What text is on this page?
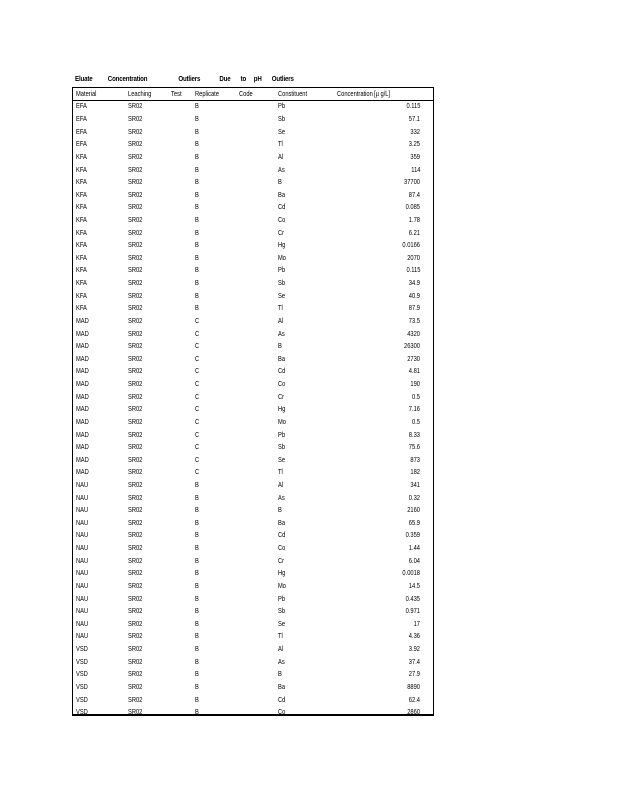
Eluate Concentration	Outliers	Due to pH Outliers
Material	Leaching	Test Replicate	Code	Constituent	Concentration [µ g/L]
EFA	SR02	B	Pb	0.115
EFA	SR02	B	Sb	57.1
EFA	SR02	B	Se	332
EFA	SR02	B	Tl	3.25
KFA	SR02	B	Al	359
KFA	SR02	B	As	114
KFA	SR02	B	B	37700
KFA	SR02	B	Ba	87.4
KFA	SR02	B	Cd	0.085
KFA	SR02	B	Co	1.78
KFA	SR02	B	Cr	6.21
KFA	SR02	B	Hg	0.0166
KFA	SR02	B	Mo	2070
KFA	SR02	B	Pb	0.115
KFA	SR02	B	Sb	34.9
KFA	SR02	B	Se	40.9
KFA	SR02	B	Tl	87.9
MAD	SR02	C	Al	73.5
MAD	SR02	C	As	4320
MAD	SR02	C	B	26300
MAD	SR02	C	Ba	2730
MAD	SR02	C	Cd	4.81
MAD	SR02	C	Co	190
MAD	SR02	C	Cr	0.5
MAD	SR02	C	Hg	7.16
MAD	SR02	C	Mo	0.5
MAD	SR02	C	Pb	8.33
MAD	SR02	C	Sb	75.6
MAD	SR02	C	Se	873
MAD	SR02	C	Tl	182
NAU	SR02	B	Al	341
NAU	SR02	B	As	0.32
NAU	SR02	B	B	2160
NAU	SR02	B	Ba	65.9
NAU	SR02	B	Cd	0.359
NAU	SR02	B	Co	1.44
NAU	SR02	B	Cr	6.04
NAU	SR02	B	Hg	0.0018
NAU	SR02	B	Mo	14.5
NAU	SR02	B	Pb	0.435
NAU	SR02	B	Sb	0.971
NAU	SR02	B	Se	17
NAU	SR02	B	Tl	4.36
VSD	SR02	B	Al	3.92
VSD	SR02	B	As	37.4
VSD	SR02	B	B	27.9
VSD	SR02	B	Ba	8890
VSD	SR02	B	Cd	62.4
VSD	SR02	B	Co	2860
